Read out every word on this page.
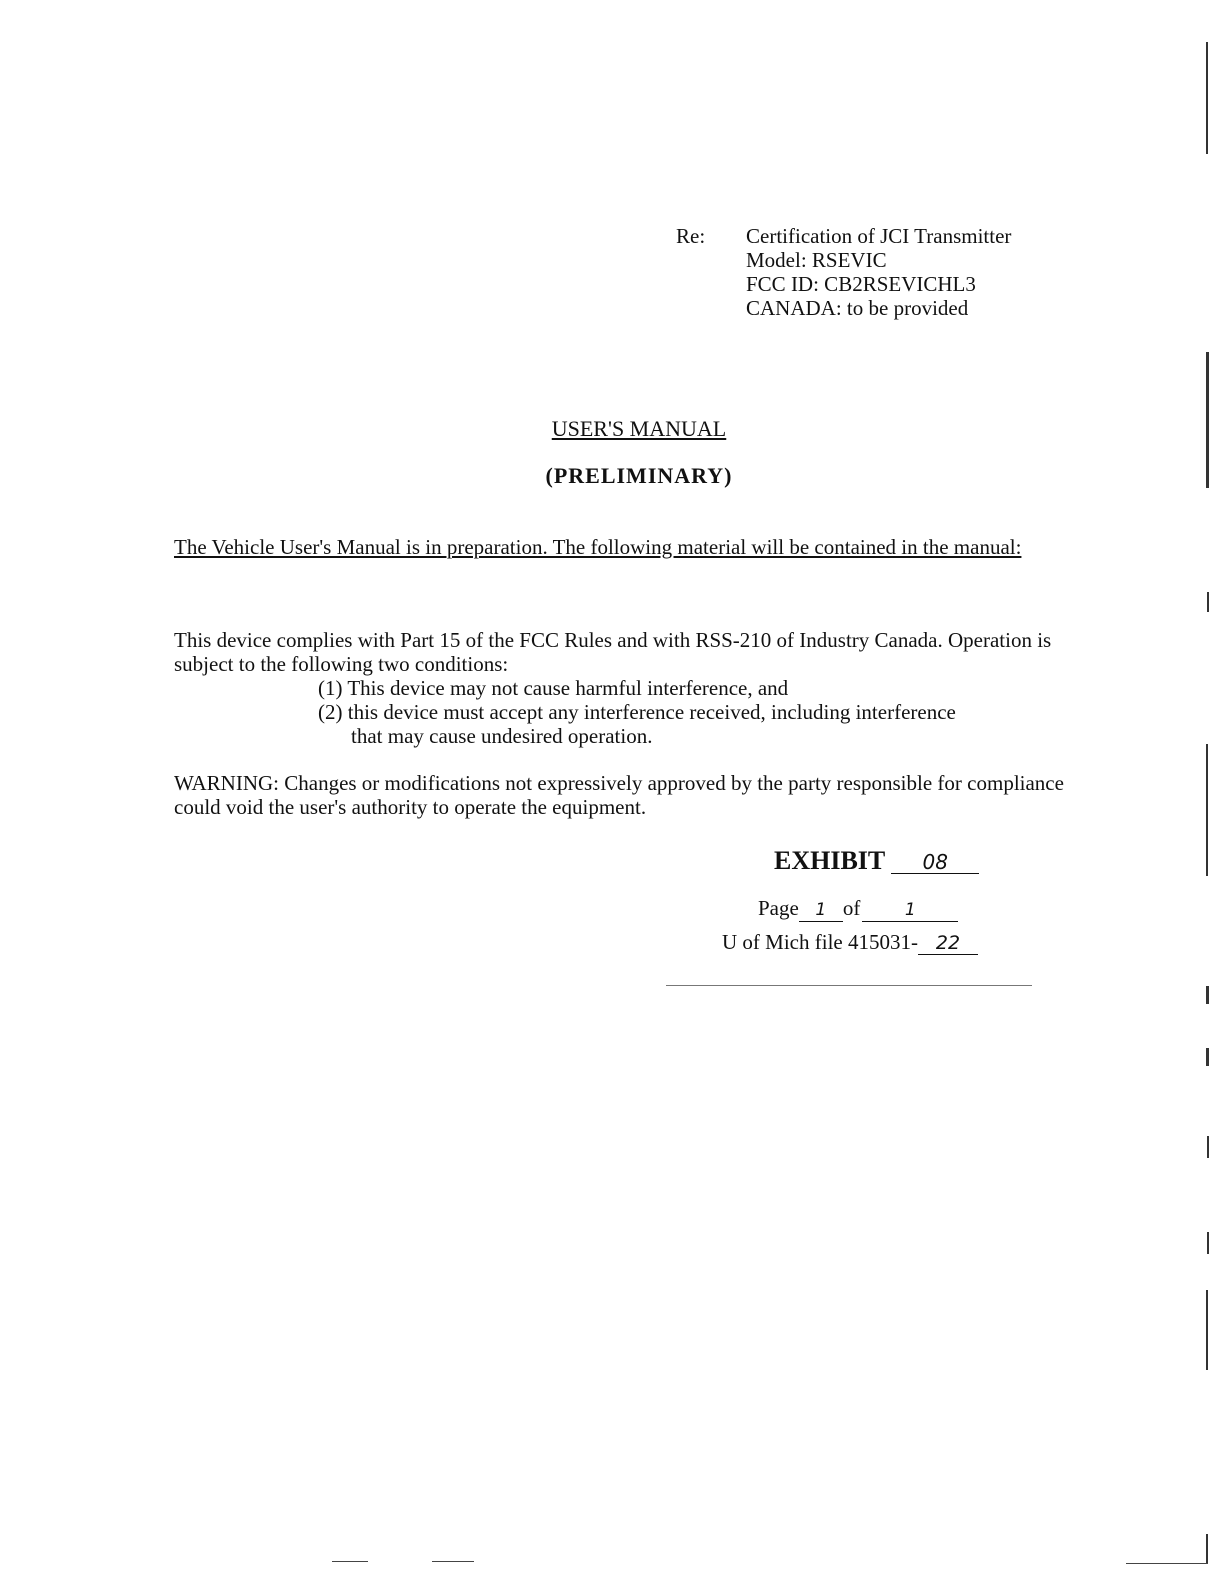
Re: Certification of JCI Transmitter
Model: RSEVIC
FCC ID: CB2RSEVICHL3
CANADA: to be provided
USER'S MANUAL
(PRELIMINARY)
The Vehicle User's Manual is in preparation. The following material will be contained in the manual:
This device complies with Part 15 of the FCC Rules and with RSS-210 of Industry Canada. Operation is subject to the following two conditions:
(1) This device may not cause harmful interference, and
(2) this device must accept any interference received, including interference
that may cause undesired operation.
WARNING: Changes or modifications not expressively approved by the party responsible for compliance could void the user's authority to operate the equipment.
EXHIBIT 08
Page 1 of	1
U of Mich file 415031- 22
